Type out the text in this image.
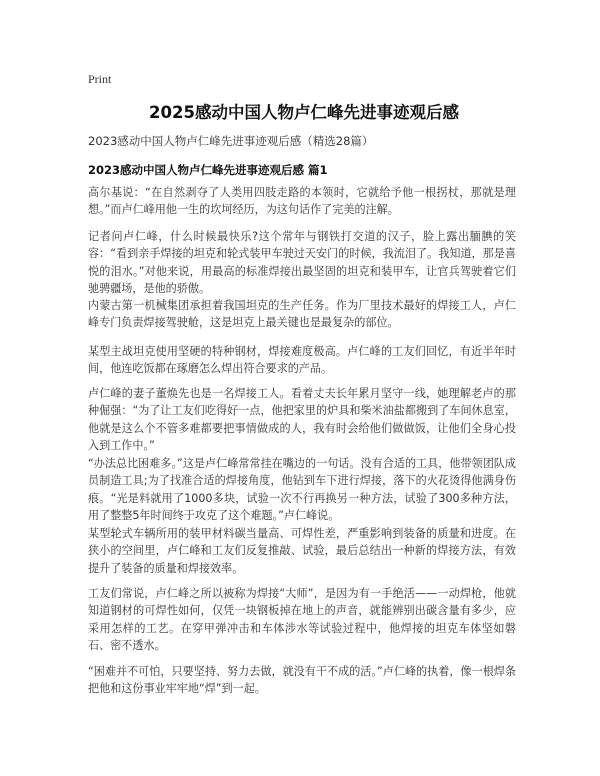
Print
2025感动中国人物卢仁峰先进事迹观后感
2023感动中国人物卢仁峰先进事迹观后感（精选28篇）
2023感动中国人物卢仁峰先进事迹观后感 篇1

高尔基说：“在自然剥夺了人类用四肢走路的本领时，它就给予他一根拐杖，那就是理想。”而卢仁峰用他一生的坎坷经历，为这句话作了完美的注解。

记者问卢仁峰，什么时候最快乐?这个常年与钢铁打交道的汉子，脸上露出腼腆的笑容：“看到亲手焊接的坦克和轮式装甲车驶过天安门的时候，我流泪了。我知道，那是喜悦的泪水。”对他来说，用最高的标准焊接出最坚固的坦克和装甲车，让官兵驾驶着它们驰骋疆场，是他的骄傲。

内蒙古第一机械集团承担着我国坦克的生产任务。作为厂里技术最好的焊接工人，卢仁峰专门负责焊接驾驶舱，这是坦克上最关键也是最复杂的部位。

某型主战坦克使用坚硬的特种钢材，焊接难度极高。卢仁峰的工友们回忆，有近半年时间，他连吃饭都在琢磨怎么焊出符合要求的产品。

卢仁峰的妻子董焕先也是一名焊接工人。看着丈夫长年累月坚守一线，她理解老卢的那种倔强：“为了让工友们吃得好一点，他把家里的炉具和柴米油盐都搬到了车间休息室，他就是这么个不管多难都要把事情做成的人，我有时会给他们做做饭，让他们全身心投入到工作中。”

“办法总比困难多。”这是卢仁峰常常挂在嘴边的一句话。没有合适的工具，他带领团队成员制造工具;为了找准合适的焊接角度，他钻到车下进行焊接，落下的火花烫得他满身伤痕。“光是料就用了1000多块，试验一次不行再换另一种方法，试验了300多种方法，用了整整5年时间终于攻克了这个难题。”卢仁峰说。

某型轮式车辆所用的装甲材料碳当量高、可焊性差，严重影响到装备的质量和进度。在狭小的空间里，卢仁峰和工友们反复推敲、试验，最后总结出一种新的焊接方法，有效提升了装备的质量和焊接效率。

工友们常说，卢仁峰之所以被称为焊接“大师”，是因为有一手绝活——一动焊枪，他就知道钢材的可焊性如何，仅凭一块钢板掉在地上的声音，就能辨别出碳含量有多少，应采用怎样的工艺。在穿甲弹冲击和车体涉水等试验过程中，他焊接的坦克车体坚如磐石、密不透水。

“困难并不可怕，只要坚持、努力去做，就没有干不成的活。”卢仁峰的执着，像一根焊条把他和这份事业牢牢地“焊”到一起。
